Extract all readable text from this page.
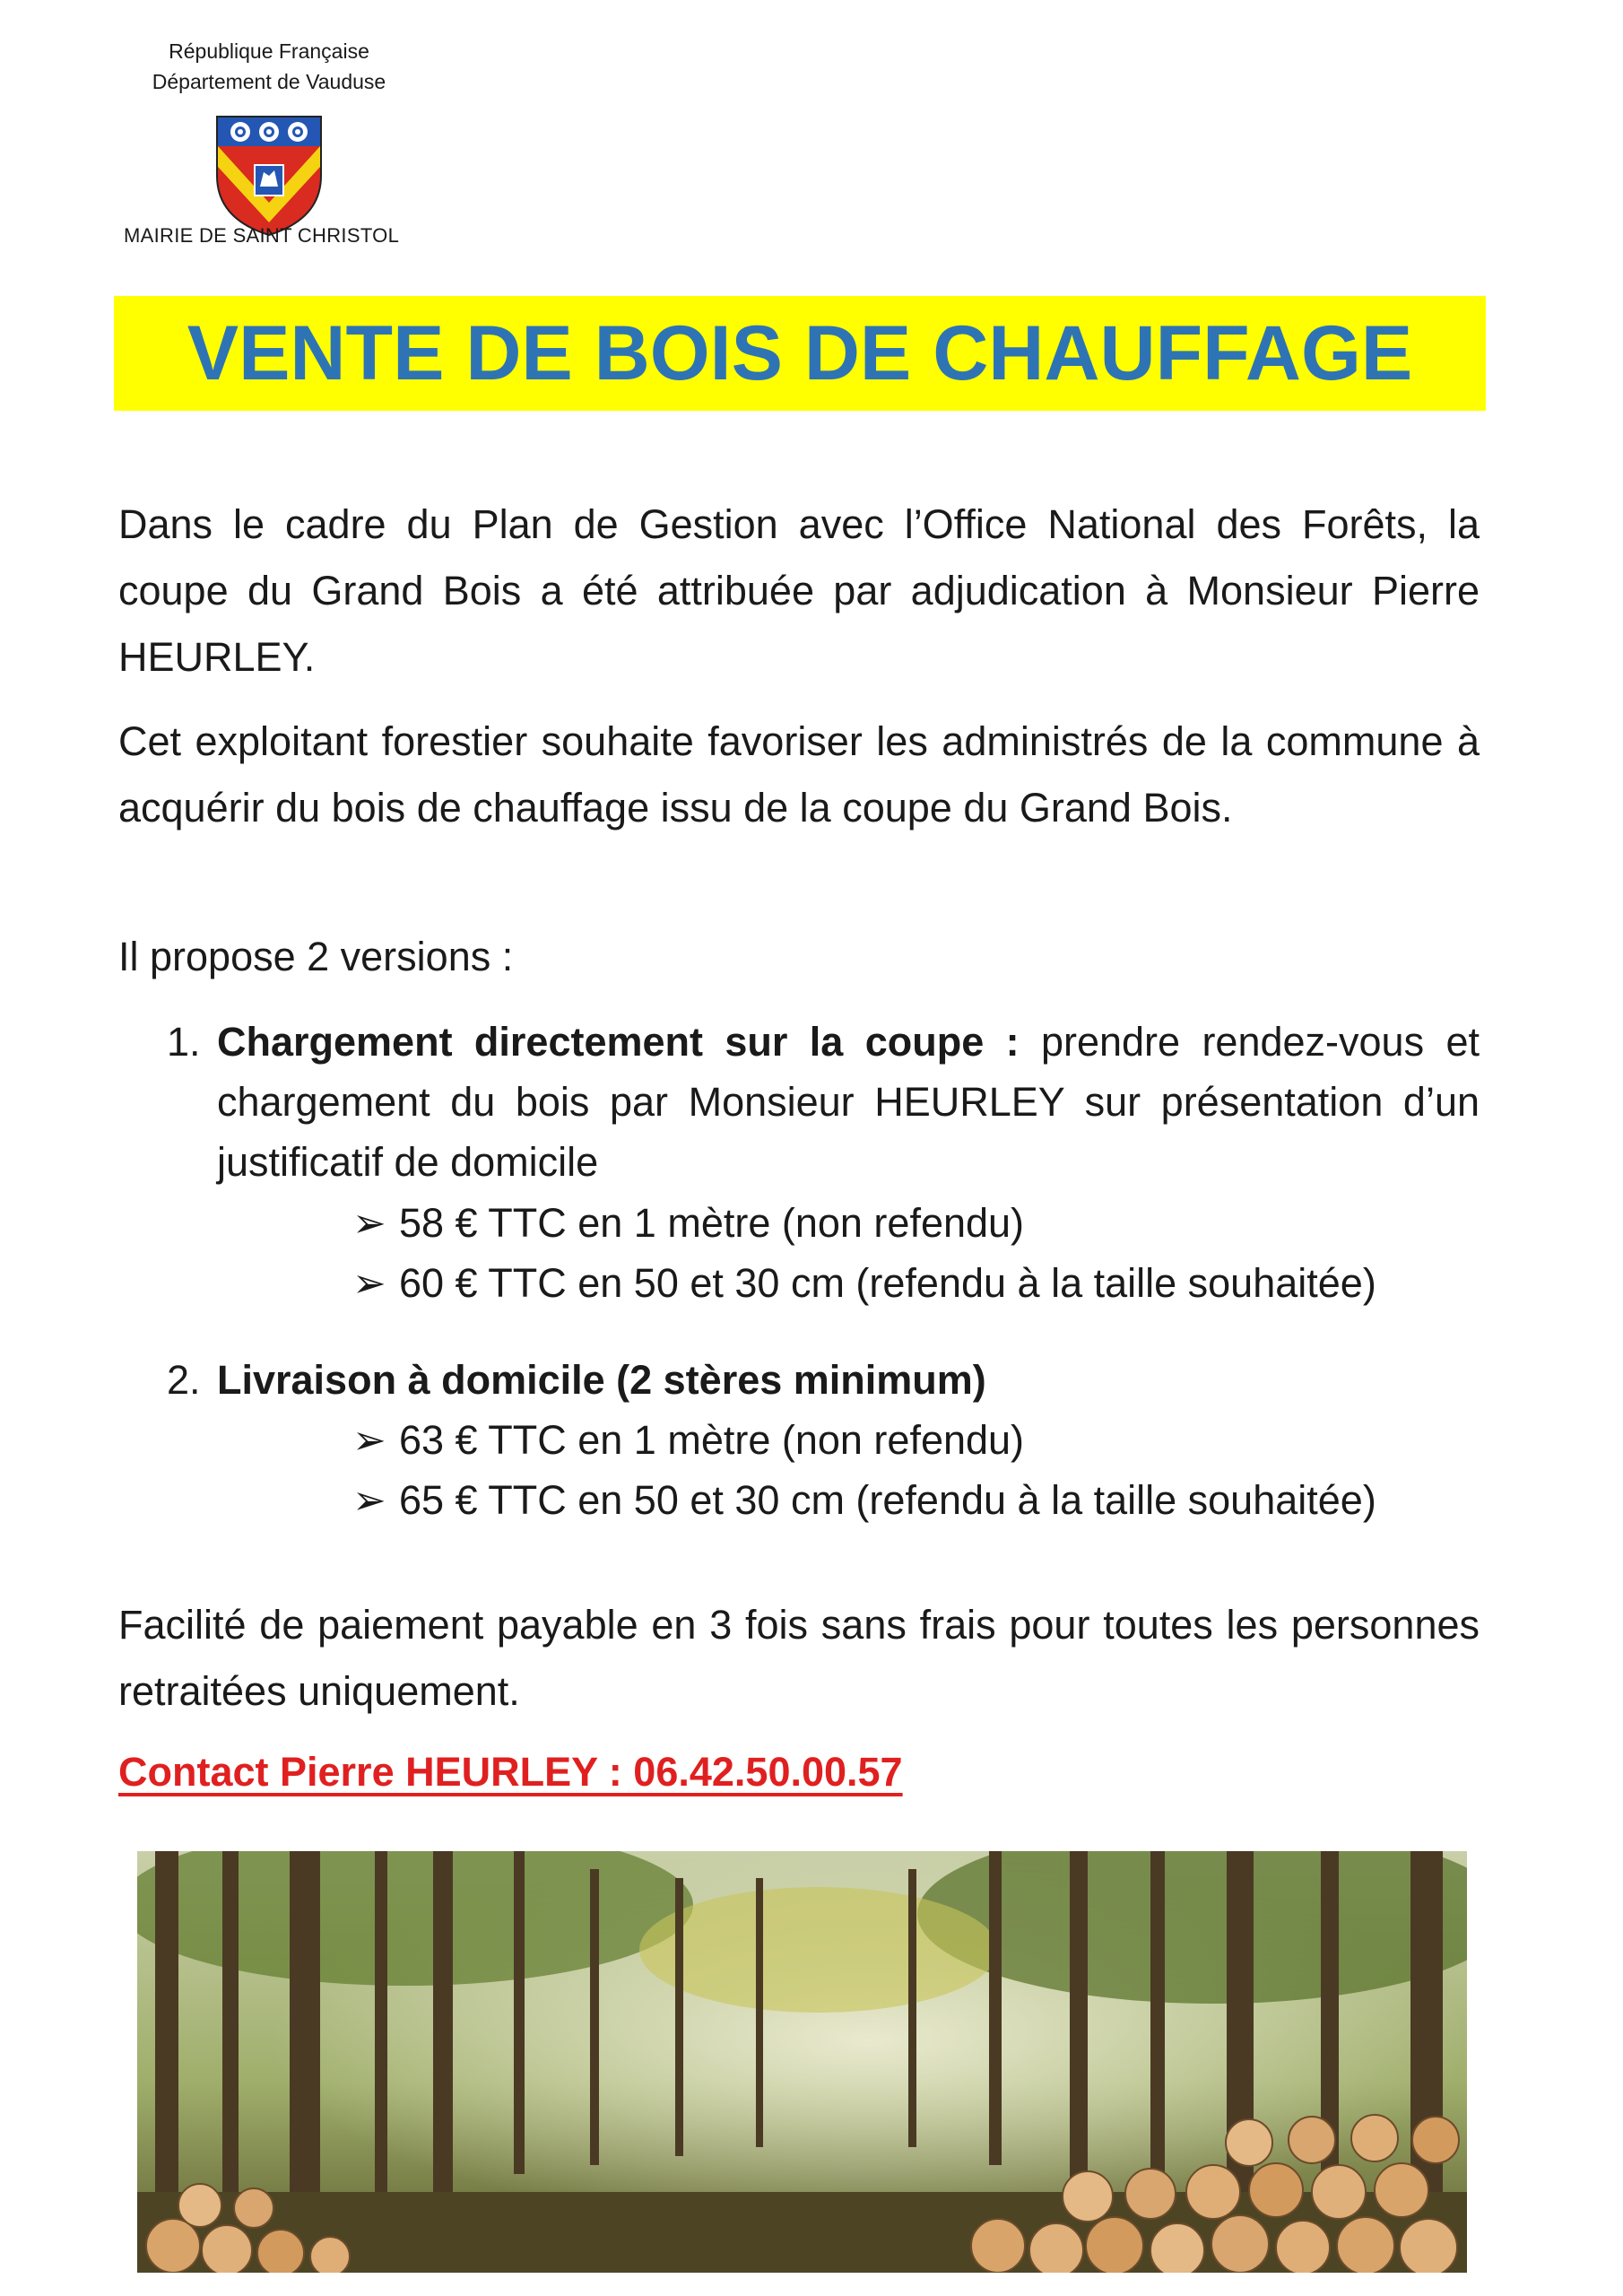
République Française
Département de Vauduse
MAIRIE DE SAINT CHRISTOL
VENTE DE BOIS DE CHAUFFAGE

Dans le cadre du Plan de Gestion avec l’Office National des Forêts, la coupe du Grand Bois a été attribuée par adjudication à Monsieur Pierre HEURLEY.

Cet exploitant forestier souhaite favoriser les administrés de la commune à acquérir du bois de chauffage issu de la coupe du Grand Bois.

Il propose 2 versions :

1. Chargement directement sur la coupe : prendre rendez-vous et chargement du bois par Monsieur HEURLEY sur présentation d’un justificatif de domicile
➢ 58 € TTC en 1 mètre (non refendu)
➢ 60 € TTC en 50 et 30 cm (refendu à la taille souhaitée)
2. Livraison à domicile (2 stères minimum)
➢ 63 € TTC en 1 mètre (non refendu)
➢ 65 € TTC en 50 et 30 cm (refendu à la taille souhaitée)

Facilité de paiement payable en 3 fois sans frais pour toutes les personnes retraitées uniquement.

Contact Pierre HEURLEY : 06.42.50.00.57
